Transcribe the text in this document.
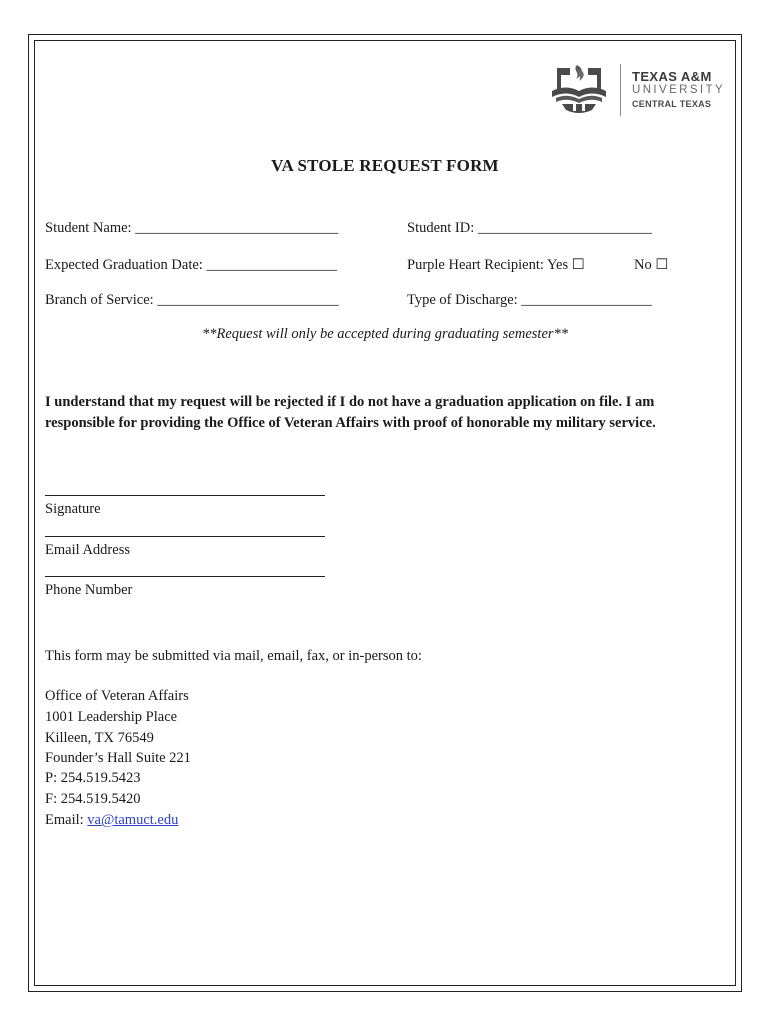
TEXAS A&M
UNIVERSITY
CENTRAL TEXAS
VA STOLE REQUEST FORM
Student Name: ____________________________	Student ID: ________________________
Expected Graduation Date: __________________	Purple Heart Recipient: Yes ☐	No ☐
Branch of Service: _________________________	Type of Discharge: __________________
**Request will only be accepted during graduating semester**
I understand that my request will be rejected if I do not have a graduation application on file. I am
responsible for providing the Office of Veteran Affairs with proof of honorable my military service.
Signature
Email Address
Phone Number
This form may be submitted via mail, email, fax, or in-person to:
Office of Veteran Affairs
1001 Leadership Place
Killeen, TX 76549
Founder’s Hall Suite 221
P: 254.519.5423
F: 254.519.5420
Email: va@tamuct.edu
